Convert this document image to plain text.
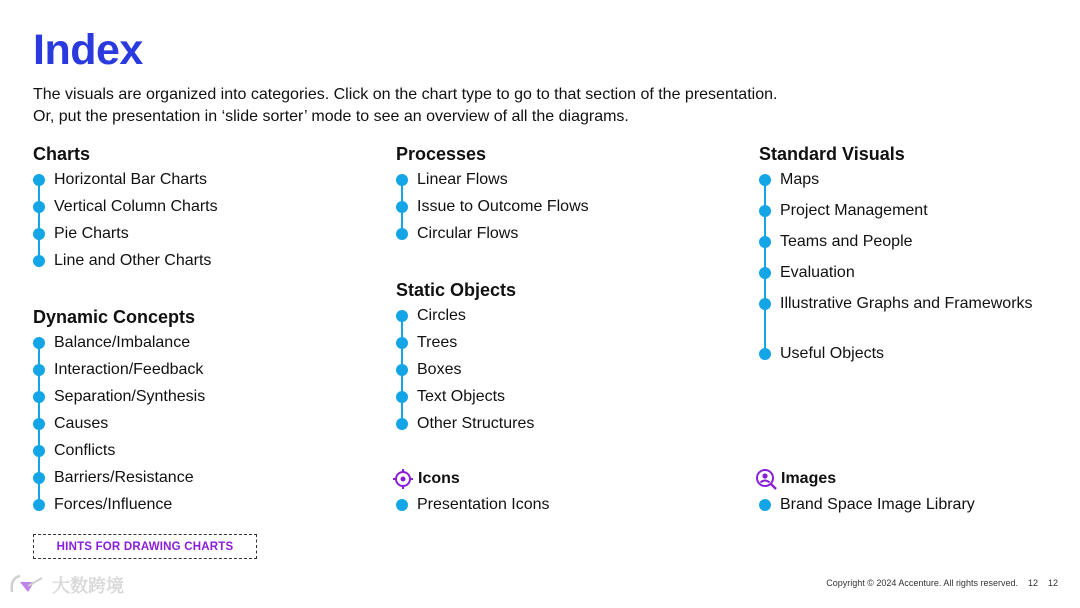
Index
The visuals are organized into categories. Click on the chart type to go to that section of the presentation.
Or, put the presentation in ‘slide sorter’ mode to see an overview of all the diagrams.
Charts
Horizontal Bar Charts
Vertical Column Charts
Pie Charts
Line and Other Charts
Dynamic Concepts
Balance/Imbalance
Interaction/Feedback
Separation/Synthesis
Causes
Conflicts
Barriers/Resistance
Forces/Influence
Processes
Linear Flows
Issue to Outcome Flows
Circular Flows
Static Objects
Circles
Trees
Boxes
Text Objects
Other Structures
Icons
Presentation Icons
Standard Visuals
Maps
Project Management
Teams and People
Evaluation
Illustrative Graphs and Frameworks
Useful Objects
Images
Brand Space Image Library
HINTS FOR DRAWING CHARTS
大数跨境	Copyright © 2024 Accenture. All rights reserved. 12 12
